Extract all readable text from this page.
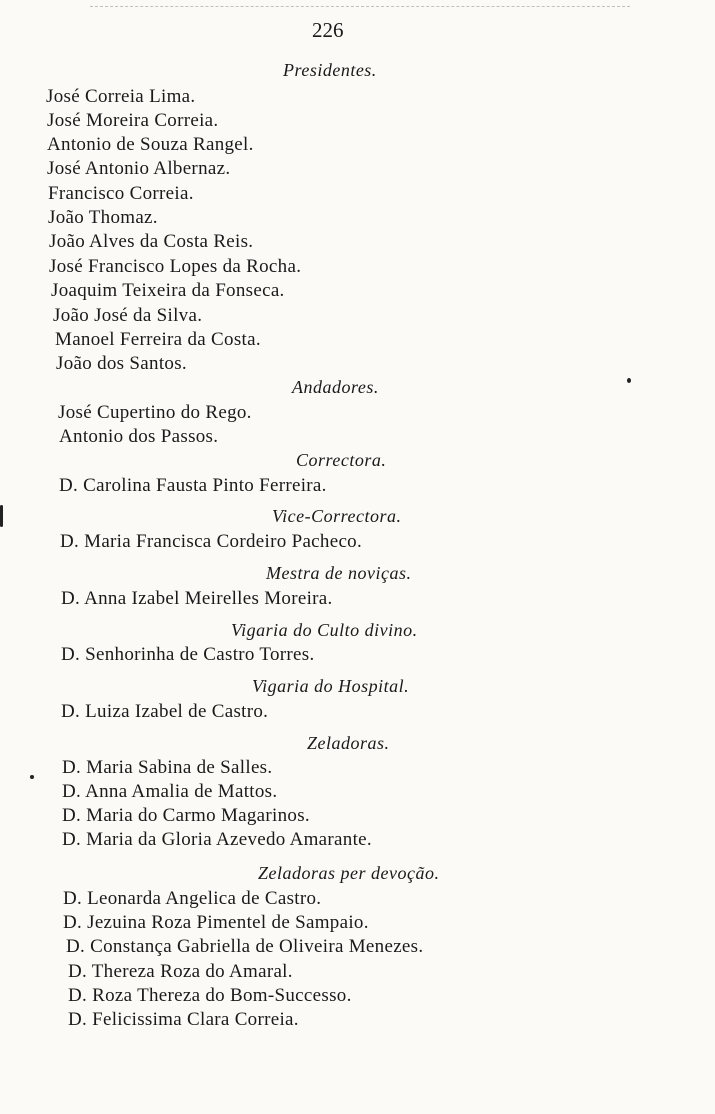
226
Presidentes.
José Correia Lima.
José Moreira Correia.
Antonio de Souza Rangel.
José Antonio Albernaz.
Francisco Correia.
João Thomaz.
João Alves da Costa Reis.
José Francisco Lopes da Rocha.
Joaquim Teixeira da Fonseca.
João José da Silva.
Manoel Ferreira da Costa.
João dos Santos.
Andadores.
José Cupertino do Rego.
Antonio dos Passos.
Correctora.
D. Carolina Fausta Pinto Ferreira.
Vice-Correctora.
D. Maria Francisca Cordeiro Pacheco.
Mestra de noviças.
D. Anna Izabel Meirelles Moreira.
Vigaria do Culto divino.
D. Senhorinha de Castro Torres.
Vigaria do Hospital.
D. Luiza Izabel de Castro.
Zeladoras.
D. Maria Sabina de Salles.
D. Anna Amalia de Mattos.
D. Maria do Carmo Magarinos.
D. Maria da Gloria Azevedo Amarante.
Zeladoras per devoção.
D. Leonarda Angelica de Castro.
D. Jezuina Roza Pimentel de Sampaio.
D. Constança Gabriella de Oliveira Menezes.
D. Thereza Roza do Amaral.
D. Roza Thereza do Bom-Successo.
D. Felicissima Clara Correia.
